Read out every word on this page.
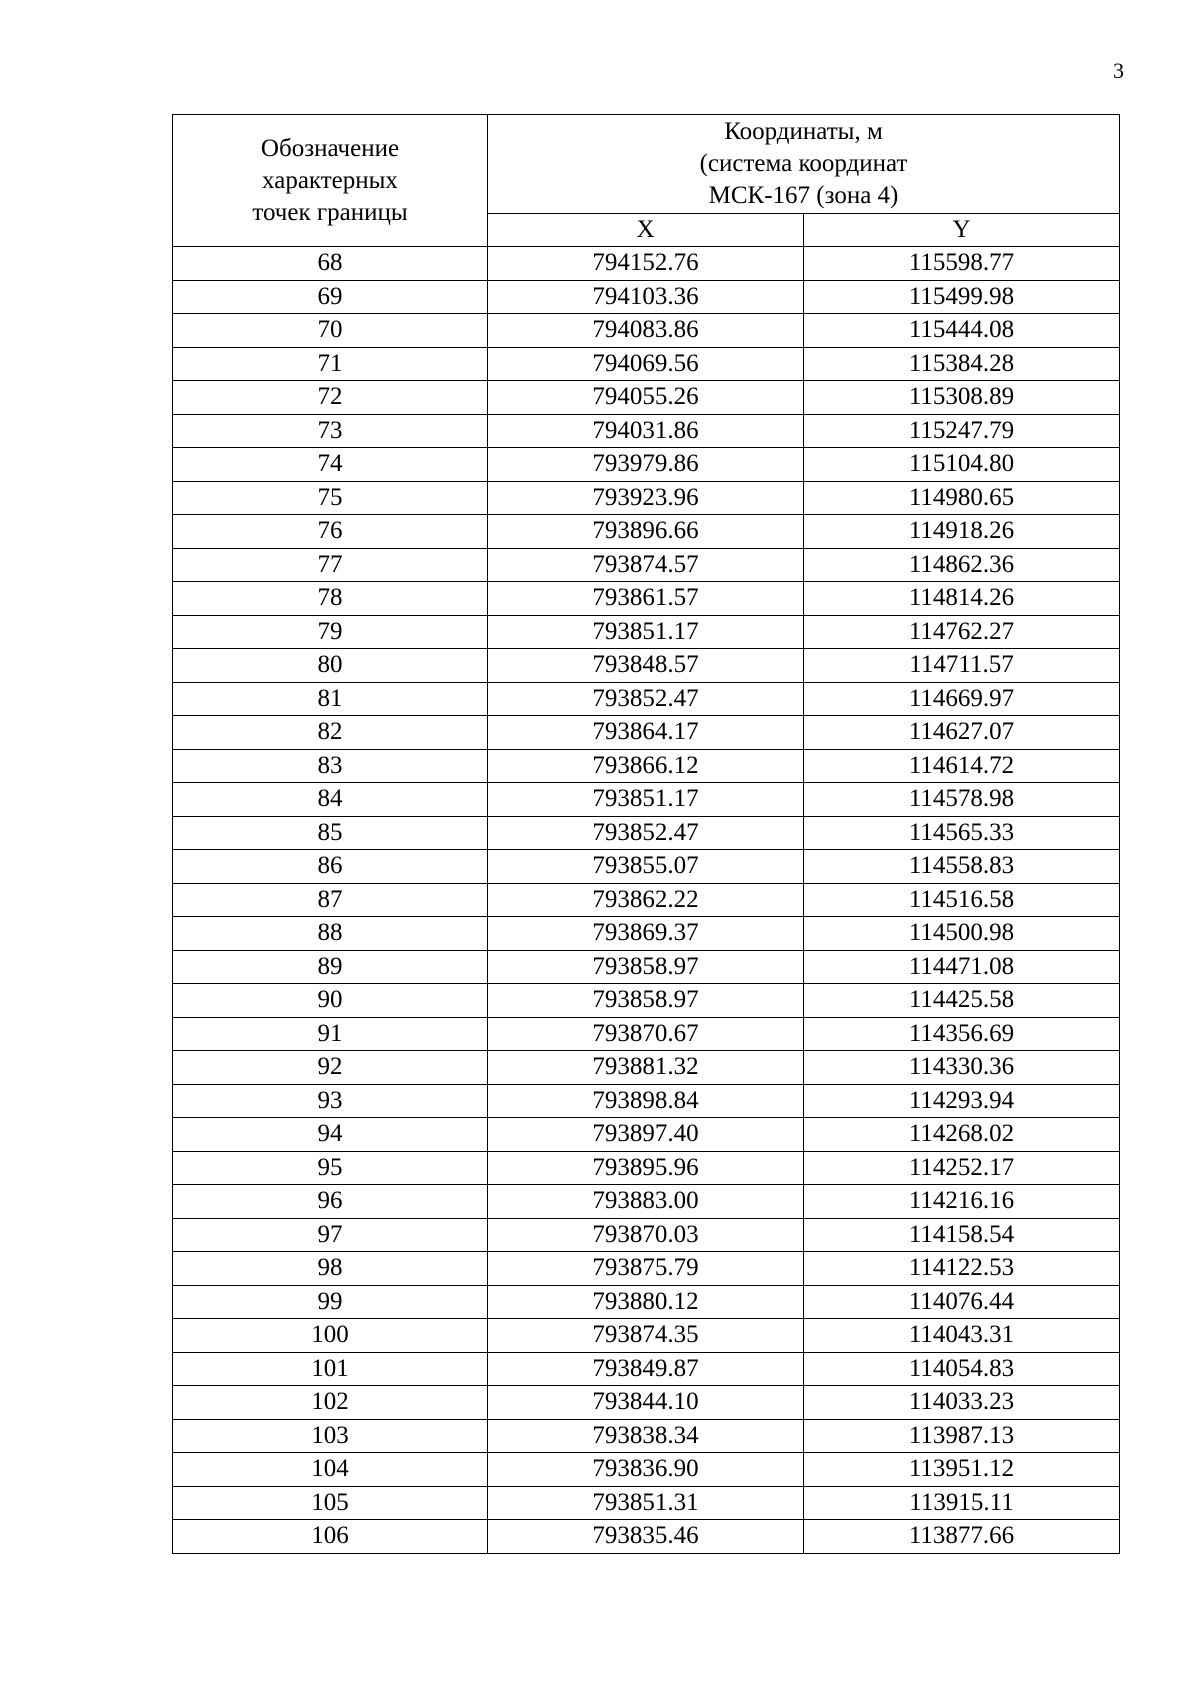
3
Обозначение характерных точек границы	Координаты, м
(система координат
МСК-167 (зона 4)	

	X	Y
68	794152.76	115598.77
69	794103.36	115499.98
70	794083.86	115444.08
71	794069.56	115384.28
72	794055.26	115308.89
73	794031.86	115247.79
74	793979.86	115104.80
75	793923.96	114980.65
76	793896.66	114918.26
77	793874.57	114862.36
78	793861.57	114814.26
79	793851.17	114762.27
80	793848.57	114711.57
81	793852.47	114669.97
82	793864.17	114627.07
83	793866.12	114614.72
84	793851.17	114578.98
85	793852.47	114565.33
86	793855.07	114558.83
87	793862.22	114516.58
88	793869.37	114500.98
89	793858.97	114471.08
90	793858.97	114425.58
91	793870.67	114356.69
92	793881.32	114330.36
93	793898.84	114293.94
94	793897.40	114268.02
95	793895.96	114252.17
96	793883.00	114216.16
97	793870.03	114158.54
98	793875.79	114122.53
99	793880.12	114076.44
100	793874.35	114043.31
101	793849.87	114054.83
102	793844.10	114033.23
103	793838.34	113987.13
104	793836.90	113951.12
105	793851.31	113915.11
106	793835.46	113877.66
